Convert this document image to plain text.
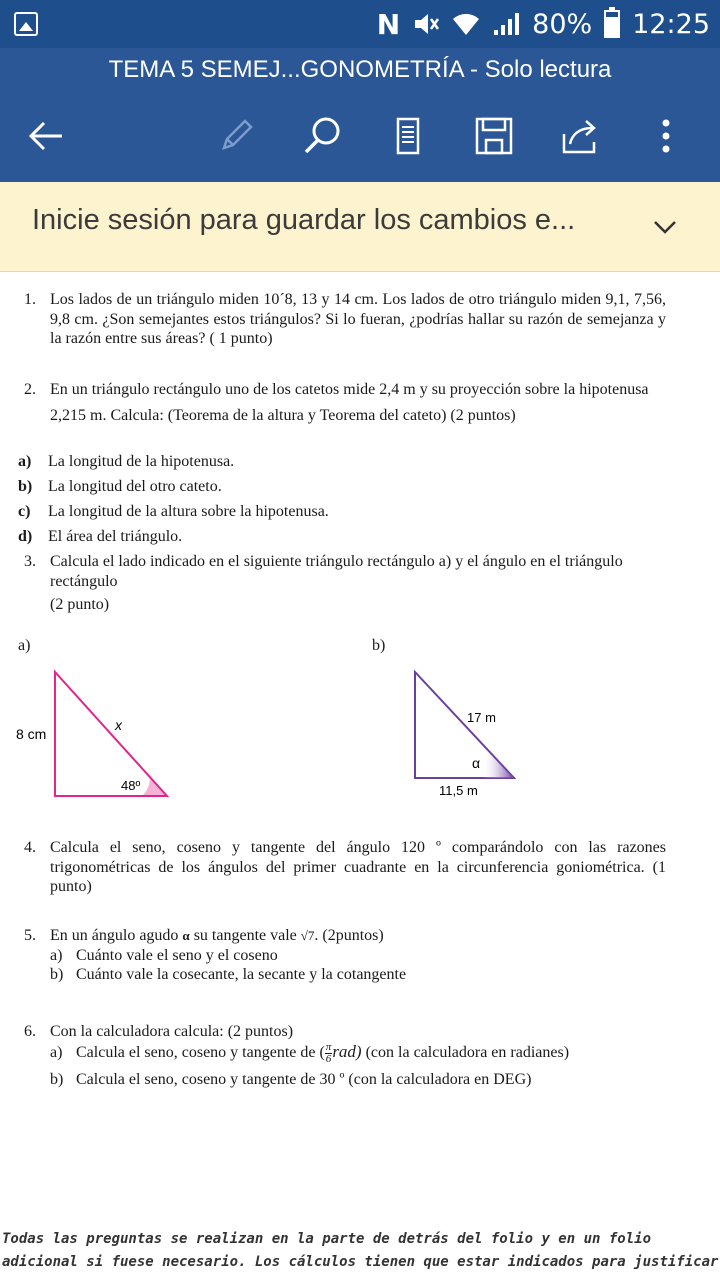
N	80% 12:25
TEMA 5 SEMEJ...GONOMETRÍA - Solo lectura
Inicie sesión para guardar los cambios e...
1. Los lados de un triángulo miden 10´8, 13 y 14 cm. Los lados de otro triángulo miden 9,1, 7,56, 9,8 cm. ¿Son semejantes estos triángulos? Si lo fueran, ¿podrías hallar su razón de semejanza y la razón entre sus áreas? ( 1 punto)
2. En un triángulo rectángulo uno de los catetos mide 2,4 m y su proyección sobre la hipotenusa
2,215 m. Calcula: (Teorema de la altura y Teorema del cateto) (2 puntos)
a) La longitud de la hipotenusa.
b) La longitud del otro cateto.
c) La longitud de la altura sobre la hipotenusa.
d) El área del triángulo.
3. Calcula el lado indicado en el siguiente triángulo rectángulo a) y el ángulo en el triángulo rectángulo
(2 punto)
a)	b)
8 cm
x
48º
17 m
α
11,5 m
4. Calcula el seno, coseno y tangente del ángulo 120 º comparándolo con las razones trigonométricas de los ángulos del primer cuadrante en la circunferencia goniométrica. (1 punto)
5. En un ángulo agudo α su tangente vale √7. (2puntos)
a) Cuánto vale el seno y el coseno
b) Cuánto vale la cosecante, la secante y la cotangente
6. Con la calculadora calcula: (2 puntos)
a) Calcula el seno, coseno y tangente de ( $\frac{\pi}{6} rad$) (con la calculadora en radianes)
b) Calcula el seno, coseno y tangente de 30 º (con la calculadora en DEG)
Todas las preguntas se realizan en la parte de detrás del folio y en un folio
adicional si fuese necesario. Los cálculos tienen que estar indicados para justificar
